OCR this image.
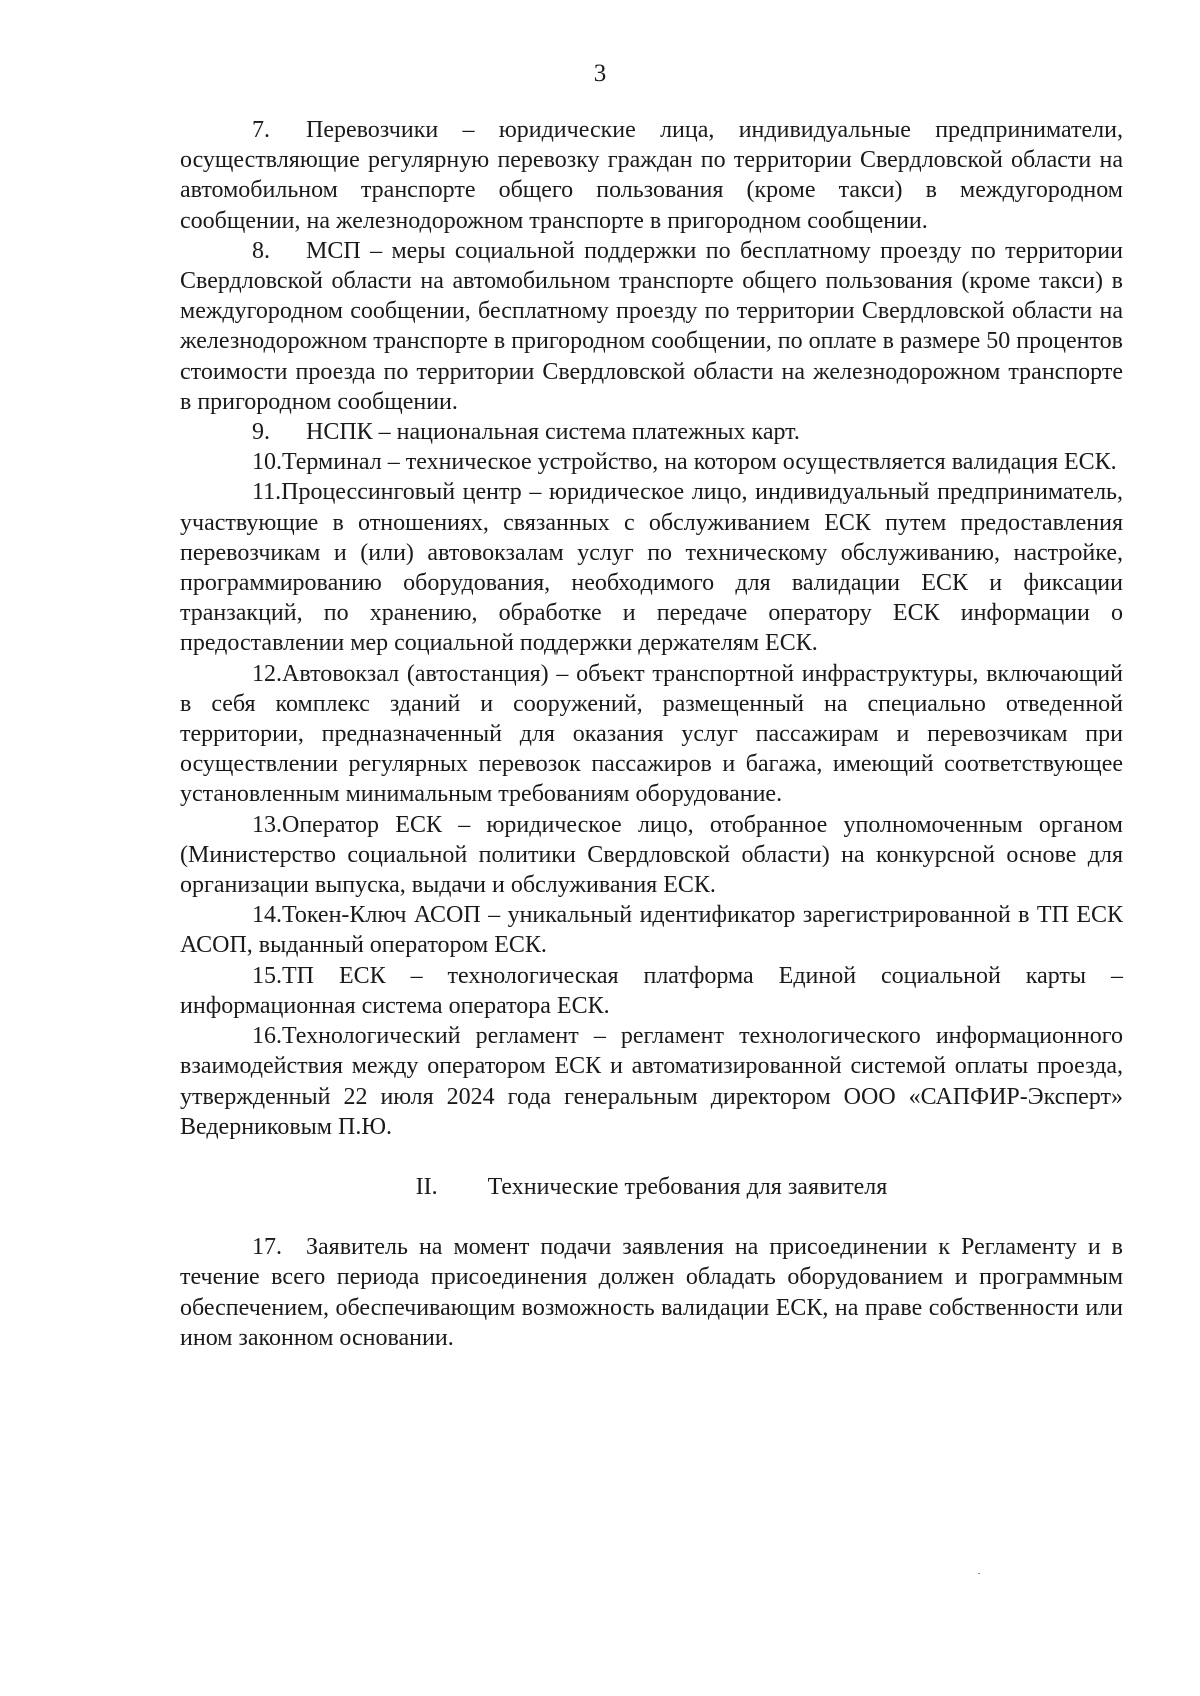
3

7. Перевозчики – юридические лица, индивидуальные предприниматели, осуществляющие регулярную перевозку граждан по территории Свердловской области на автомобильном транспорте общего пользования (кроме такси) в междугородном сообщении, на железнодорожном транспорте в пригородном сообщении.

8. МСП – меры социальной поддержки по бесплатному проезду по территории Свердловской области на автомобильном транспорте общего пользования (кроме такси) в междугородном сообщении, бесплатному проезду по территории Свердловской области на железнодорожном транспорте в пригородном сообщении, по оплате в размере 50 процентов стоимости проезда по территории Свердловской области на железнодорожном транспорте в пригородном сообщении.

9. НСПК – национальная система платежных карт.

10.Терминал – техническое устройство, на котором осуществляется валидация ЕСК.

11.Процессинговый центр – юридическое лицо, индивидуальный предприниматель, участвующие в отношениях, связанных с обслуживанием ЕСК путем предоставления перевозчикам и (или) автовокзалам услуг по техническому обслуживанию, настройке, программированию оборудования, необходимого для валидации ЕСК и фиксации транзакций, по хранению, обработке и передаче оператору ЕСК информации о предоставлении мер социальной поддержки держателям ЕСК.

12.Автовокзал (автостанция) – объект транспортной инфраструктуры, включающий в себя комплекс зданий и сооружений, размещенный на специально отведенной территории, предназначенный для оказания услуг пассажирам и перевозчикам при осуществлении регулярных перевозок пассажиров и багажа, имеющий соответствующее установленным минимальным требованиям оборудование.

13.Оператор ЕСК – юридическое лицо, отобранное уполномоченным органом (Министерство социальной политики Свердловской области) на конкурсной основе для организации выпуска, выдачи и обслуживания ЕСК.

14.Токен-Ключ АСОП – уникальный идентификатор зарегистрированной в ТП ЕСК АСОП, выданный оператором ЕСК.

15.ТП ЕСК – технологическая платформа Единой социальной карты – информационная система оператора ЕСК.

16.Технологический регламент – регламент технологического информационного взаимодействия между оператором ЕСК и автоматизированной системой оплаты проезда, утвержденный 22 июля 2024 года генеральным директором ООО «САПФИР-Эксперт» Ведерниковым П.Ю.

II. Технические требования для заявителя

17. Заявитель на момент подачи заявления на присоединении к Регламенту и в течение всего периода присоединения должен обладать оборудованием и программным обеспечением, обеспечивающим возможность валидации ЕСК, на праве собственности или ином законном основании.
